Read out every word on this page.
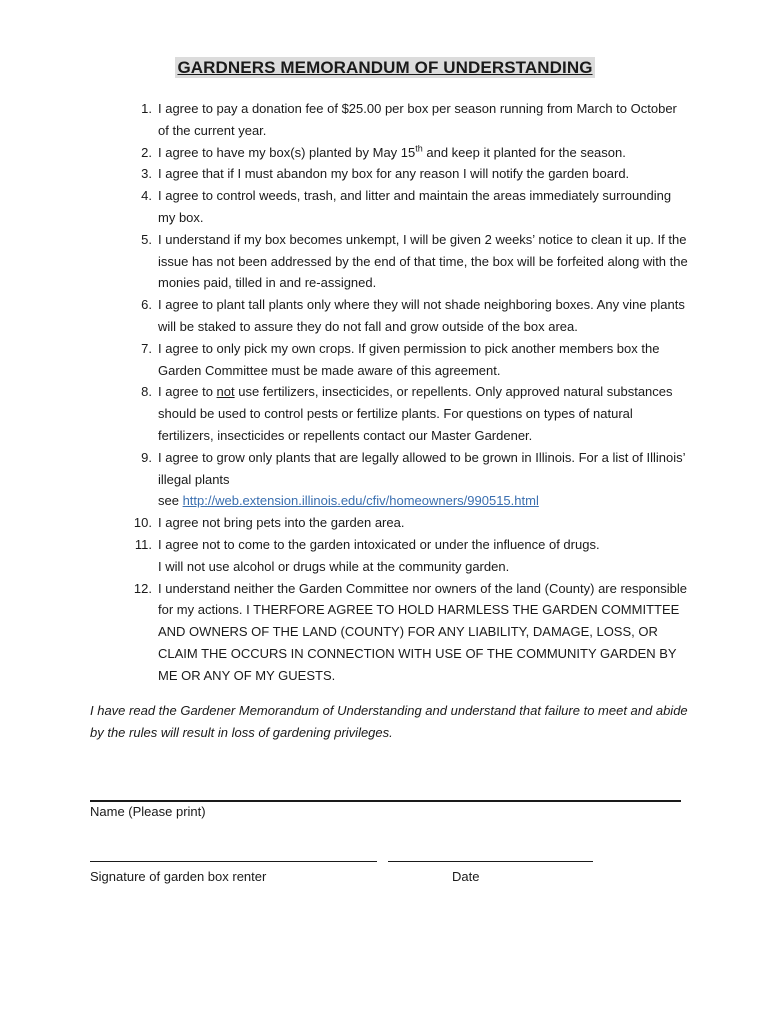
GARDNERS MEMORANDUM OF UNDERSTANDING
1. I agree to pay a donation fee of $25.00 per box per season running from March to October of the current year.
2. I agree to have my box(s) planted by May 15th and keep it planted for the season.
3. I agree that if I must abandon my box for any reason I will notify the garden board.
4. I agree to control weeds, trash, and litter and maintain the areas immediately surrounding my box.
5. I understand if my box becomes unkempt, I will be given 2 weeks’ notice to clean it up. If the issue has not been addressed by the end of that time, the box will be forfeited along with the monies paid, tilled in and re-assigned.
6. I agree to plant tall plants only where they will not shade neighboring boxes. Any vine plants will be staked to assure they do not fall and grow outside of the box area.
7. I agree to only pick my own crops. If given permission to pick another members box the Garden Committee must be made aware of this agreement.
8. I agree to not use fertilizers, insecticides, or repellents. Only approved natural substances should be used to control pests or fertilize plants. For questions on types of natural fertilizers, insecticides or repellents contact our Master Gardener.
9. I agree to grow only plants that are legally allowed to be grown in Illinois. For a list of Illinois’ illegal plants
see http://web.extension.illinois.edu/cfiv/homeowners/990515.html
10. I agree not bring pets into the garden area.
11. I agree not to come to the garden intoxicated or under the influence of drugs.
I will not use alcohol or drugs while at the community garden.
12. I understand neither the Garden Committee nor owners of the land (County) are responsible for my actions. I THERFORE AGREE TO HOLD HARMLESS THE GARDEN COMMITTEE AND OWNERS OF THE LAND (COUNTY) FOR ANY LIABILITY, DAMAGE, LOSS, OR CLAIM THE OCCURS IN CONNECTION WITH USE OF THE COMMUNITY GARDEN BY ME OR ANY OF MY GUESTS.
I have read the Gardener Memorandum of Understanding and understand that failure to meet and abide by the rules will result in loss of gardening privileges.
Name (Please print)
Signature of garden box renter	Date
